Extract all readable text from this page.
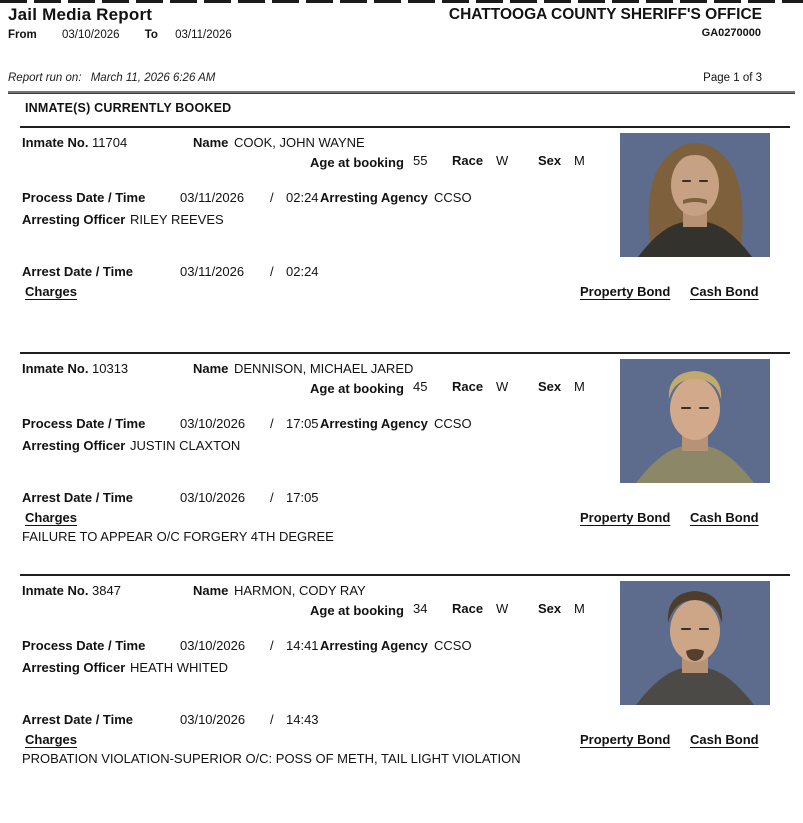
Jail Media Report
From 03/10/2026 To 03/11/2026
CHATTOOGA COUNTY SHERIFF'S OFFICE
GA0270000
Report run on: March 11, 2026 6:26 AM	Page 1 of 3
INMATE(S) CURRENTLY BOOKED
Inmate No. 11704	Name COOK, JOHN WAYNE
Age at booking 55 Race W Sex M
Process Date / Time	03/11/2026 / 02:24 Arresting Agency CCSO
Arresting Officer RILEY REEVES
Arrest Date / Time	03/11/2026 / 02:24
Charges	Property Bond Cash Bond
Inmate No. 10313	Name DENNISON, MICHAEL JARED
Age at booking 45 Race W Sex M
Process Date / Time	03/10/2026 / 17:05 Arresting Agency CCSO
Arresting Officer JUSTIN CLAXTON
Arrest Date / Time	03/10/2026 / 17:05
Charges	Property Bond Cash Bond
FAILURE TO APPEAR O/C FORGERY 4TH DEGREE
Inmate No. 3847	Name HARMON, CODY RAY
Age at booking 34 Race W Sex M
Process Date / Time	03/10/2026 / 14:41 Arresting Agency CCSO
Arresting Officer HEATH WHITED
Arrest Date / Time	03/10/2026 / 14:43
Charges	Property Bond Cash Bond
PROBATION VIOLATION-SUPERIOR O/C: POSS OF METH, TAIL LIGHT VIOLATION
